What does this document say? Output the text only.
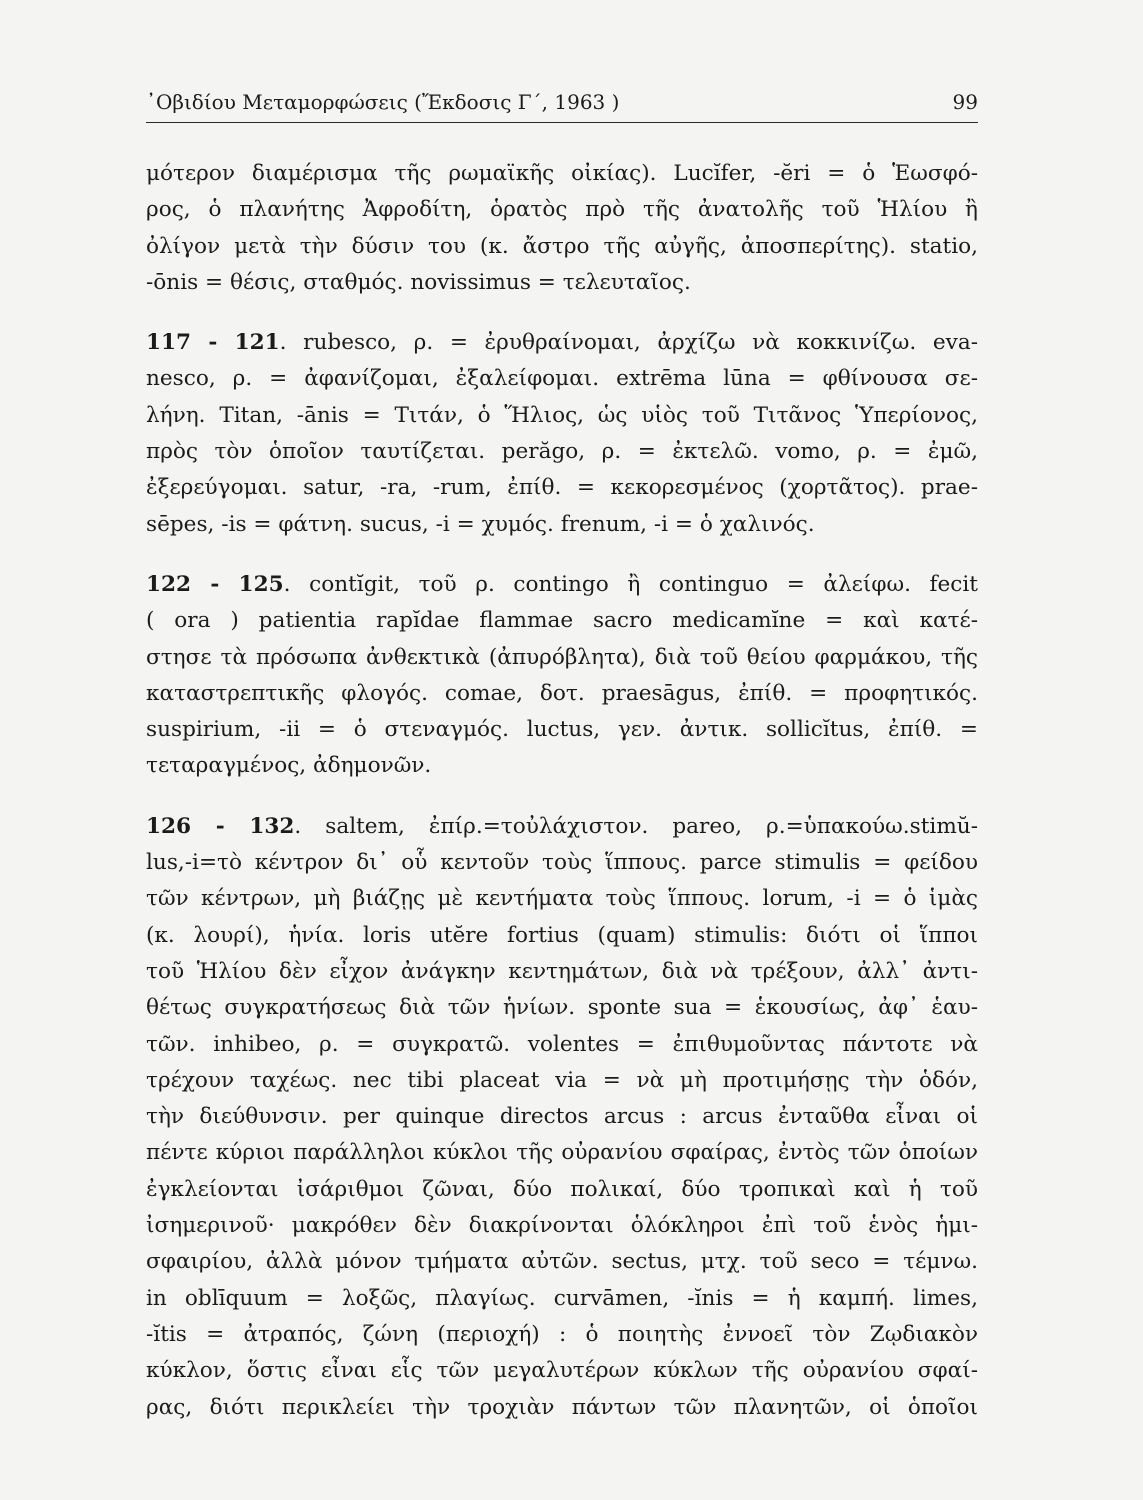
᾿Οβιδίου Μεταμορφώσεις (Ἔκδοσις Γ΄, 1963 )	99

μότερον διαμέρισμα τῆς ρωμαϊκῆς οἰκίας). Lucĭfer, -ĕri = ὁ Ἑωσφό-

ρος, ὁ πλανήτης Ἀφροδίτη, ὁρατὸς πρὸ τῆς ἀνατολῆς τοῦ Ἡλίου ἢ

ὀλίγον μετὰ τὴν δύσιν του (κ. ἄστρο τῆς αὐγῆς, ἀποσπερίτης). statio,

-ōnis = θέσις, σταθμός. novissimus = τελευταῖος.

117 - 121. rubesco, ρ. = ἐρυθραίνομαι, ἀρχίζω νὰ κοκκινίζω. eva-

nesco, ρ. = ἀφανίζομαι, ἐξαλείφομαι. extrēma lūna = φθίνουσα σε-

λήνη. Titan, -ānis = Τιτάν, ὁ Ἥλιος, ὡς υἱὸς τοῦ Τιτᾶνος Ὑπερίονος,

πρὸς τὸν ὁποῖον ταυτίζεται. perăgo, ρ. = ἐκτελῶ. vomo, ρ. = ἐμῶ,

ἐξερεύγομαι. satur, -ra, -rum, ἐπίθ. = κεκορεσμένος (χορτᾶτος). prae-

sēpes, -is = φάτνη. sucus, -i = χυμός. frenum, -i = ὁ χαλινός.

122 - 125. contĭgit, τοῦ ρ. contingo ἢ continguo = ἀλείφω. fecit

( ora ) patientia rapĭdae flammae sacro medicamĭne = καὶ κατέ-

στησε τὰ πρόσωπα ἀνθεκτικὰ (ἀπυρόβλητα), διὰ τοῦ θείου φαρμάκου, τῆς

καταστρεπτικῆς φλογός. comae, δοτ. praesāgus, ἐπίθ. = προφητικός.

suspirium, -ii = ὁ στεναγμός. luctus, γεν. ἀντικ. sollicĭtus, ἐπίθ. =

τεταραγμένος, ἀδημονῶν.

126 - 132. saltem, ἐπίρ.=τοὐλάχιστον. pareo, ρ.=ὑπακούω.stimŭ-

lus,-i=τὸ κέντρον δι᾽ οὗ κεντοῦν τοὺς ἵππους. parce stimulis = φείδου

τῶν κέντρων, μὴ βιάζῃς μὲ κεντήματα τοὺς ἵππους. lorum, -i = ὁ ἱμὰς

(κ. λουρί), ἡνία. loris utĕre fortius (quam) stimulis: διότι οἱ ἵπποι

τοῦ Ἡλίου δὲν εἶχον ἀνάγκην κεντημάτων, διὰ νὰ τρέξουν, ἀλλ᾽ ἀντι-

θέτως συγκρατήσεως διὰ τῶν ἡνίων. sponte sua = ἑκουσίως, ἀφ᾽ ἑαυ-

τῶν. inhibeo, ρ. = συγκρατῶ. volentes = ἐπιθυμοῦντας πάντοτε νὰ

τρέχουν ταχέως. nec tibi placeat via = νὰ μὴ προτιμήσῃς τὴν ὁδόν,

τὴν διεύθυνσιν. per quinque directos arcus : arcus ἐνταῦθα εἶναι οἱ

πέντε κύριοι παράλληλοι κύκλοι τῆς οὐρανίου σφαίρας, ἐντὸς τῶν ὁποίων

ἐγκλείονται ἰσάριθμοι ζῶναι, δύο πολικαί, δύο τροπικαὶ καὶ ἡ τοῦ

ἰσημερινοῦ· μακρόθεν δὲν διακρίνονται ὁλόκληροι ἐπὶ τοῦ ἑνὸς ἡμι-

σφαιρίου, ἀλλὰ μόνον τμήματα αὐτῶν. sectus, μτχ. τοῦ seco = τέμνω.

in oblīquum = λοξῶς, πλαγίως. curvāmen, -ĭnis = ἡ καμπή. limes,

-ĭtis = ἀτραπός, ζώνη (περιοχή) : ὁ ποιητὴς ἐννοεῖ τὸν Ζῳδιακὸν

κύκλον, ὅστις εἶναι εἷς τῶν μεγαλυτέρων κύκλων τῆς οὐρανίου σφαί-

ρας, διότι περικλείει τὴν τροχιὰν πάντων τῶν πλανητῶν, οἱ ὁποῖοι
